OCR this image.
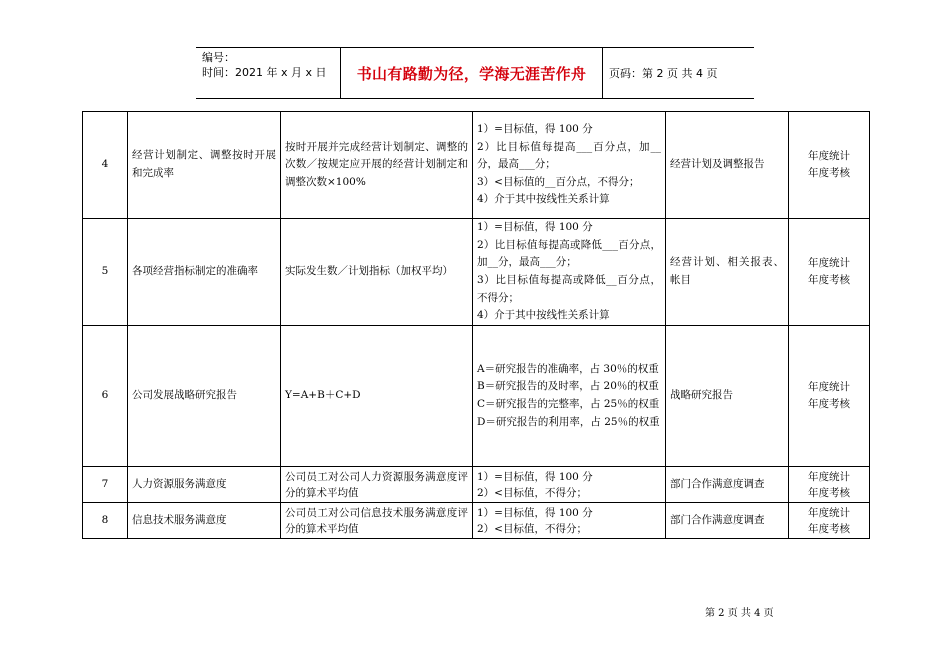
编号：
时间：2021 年 x 月 x 日	书山有路勤为径，学海无涯苦作舟	页码：第 2 页 共 4 页
4	经营计划制定、调整按时开展和完成率	按时开展并完成经营计划制定、调整的次数／按规定应开展的经营计划制定和调整次数×100%	1）=目标值，得 100 分
2）比目标值每提高___百分点，加__分，最高___分；
3）<目标值的__百分点，不得分；
4）介于其中按线性关系计算	经营计划及调整报告	年度统计
年度考核

5	各项经营指标制定的准确率	实际发生数／计划指标（加权平均）	1）=目标值，得 100 分
2）比目标值每提高或降低___百分点，加__分，最高___分；
3）比目标值每提高或降低__百分点，不得分；
4）介于其中按线性关系计算	经营计划、相关报表、帐目	年度统计
年度考核

6	公司发展战略研究报告	Y=A+B＋C+D	A＝研究报告的准确率，占 30％的权重
B＝研究报告的及时率，占 20％的权重
C＝研究报告的完整率，占 25％的权重
D＝研究报告的利用率，占 25％的权重	战略研究报告	年度统计
年度考核

7	人力资源服务满意度	公司员工对公司人力资源服务满意度评分的算术平均值	1）=目标值，得 100 分
2）<目标值，不得分；	部门合作满意度调查	年度统计
年度考核

8	信息技术服务满意度	公司员工对公司信息技术服务满意度评分的算术平均值	1）=目标值，得 100 分
2）<目标值，不得分；	部门合作满意度调查	年度统计
年度考核
第 2 页 共 4 页
